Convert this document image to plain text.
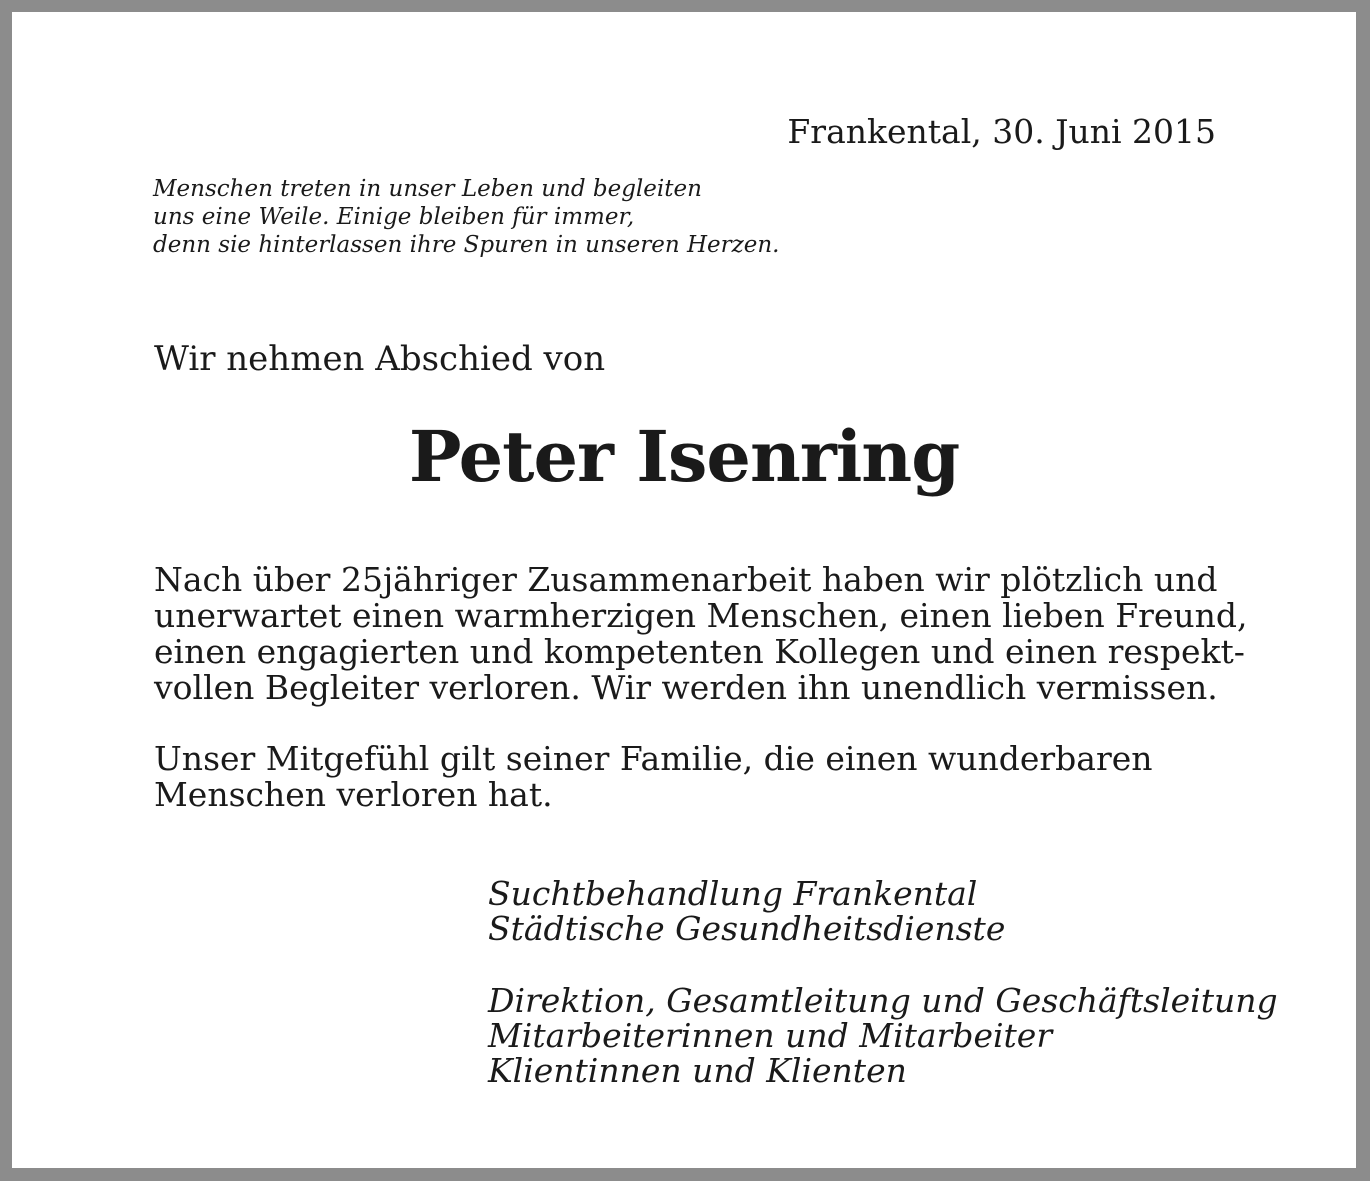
Frankental, 30. Juni 2015
Menschen treten in unser Leben und begleiten
uns eine Weile. Einige bleiben für immer,
denn sie hinterlassen ihre Spuren in unseren Herzen.
Wir nehmen Abschied von
Peter Isenring
Nach über 25jähriger Zusammenarbeit haben wir plötzlich und
unerwartet einen warmherzigen Menschen, einen lieben Freund,
einen engagierten und kompetenten Kollegen und einen respekt-
vollen Begleiter verloren. Wir werden ihn unendlich vermissen.
Unser Mitgefühl gilt seiner Familie, die einen wunderbaren
Menschen verloren hat.
Suchtbehandlung Frankental
Städtische Gesundheitsdienste
Direktion, Gesamtleitung und Geschäftsleitung
Mitarbeiterinnen und Mitarbeiter
Klientinnen und Klienten
